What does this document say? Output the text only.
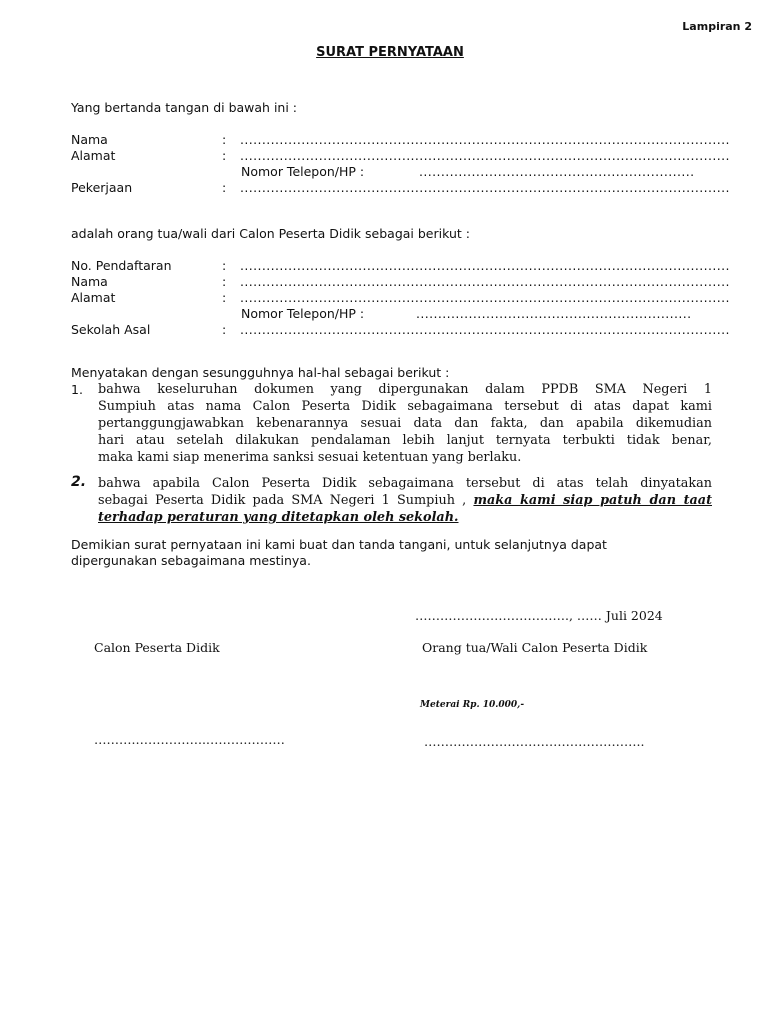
Lampiran 2
SURAT PERNYATAAN
Yang bertanda tangan di bawah ini :
Nama	: ................................................................................................................
Alamat	: ................................................................................................................
Nomor Telepon/HP :	...............................................................
Pekerjaan	: ................................................................................................................
adalah orang tua/wali dari Calon Peserta Didik sebagai berikut :
No. Pendaftaran	: ................................................................................................................
Nama	: ................................................................................................................
Alamat	: ................................................................................................................
Nomor Telepon/HP :	...............................................................
Sekolah Asal	: ................................................................................................................
Menyatakan dengan sesungguhnya hal-hal sebagai berikut :
1. bahwa keseluruhan dokumen yang dipergunakan dalam PPDB SMA Negeri 1
Sumpiuh atas nama Calon Peserta Didik sebagaimana tersebut di atas dapat kami
pertanggungjawabkan kebenarannya sesuai data dan fakta, dan apabila dikemudian
hari atau setelah dilakukan pendalaman lebih lanjut ternyata terbukti tidak benar,
maka kami siap menerima sanksi sesuai ketentuan yang berlaku.
2. bahwa apabila Calon Peserta Didik sebagaimana tersebut di atas telah dinyatakan
sebagai Peserta Didik pada SMA Negeri 1 Sumpiuh , maka kami siap patuh dan taat
terhadap peraturan yang ditetapkan oleh sekolah.
Demikian surat pernyataan ini kami buat dan tanda tangani, untuk selanjutnya dapat
dipergunakan sebagaimana mestinya.
………………………………., …… Juli 2024
Calon Peserta Didik	Orang tua/Wali Calon Peserta Didik
Meterai Rp. 10.000,-
……….……………..……….………	……………………………………………..
